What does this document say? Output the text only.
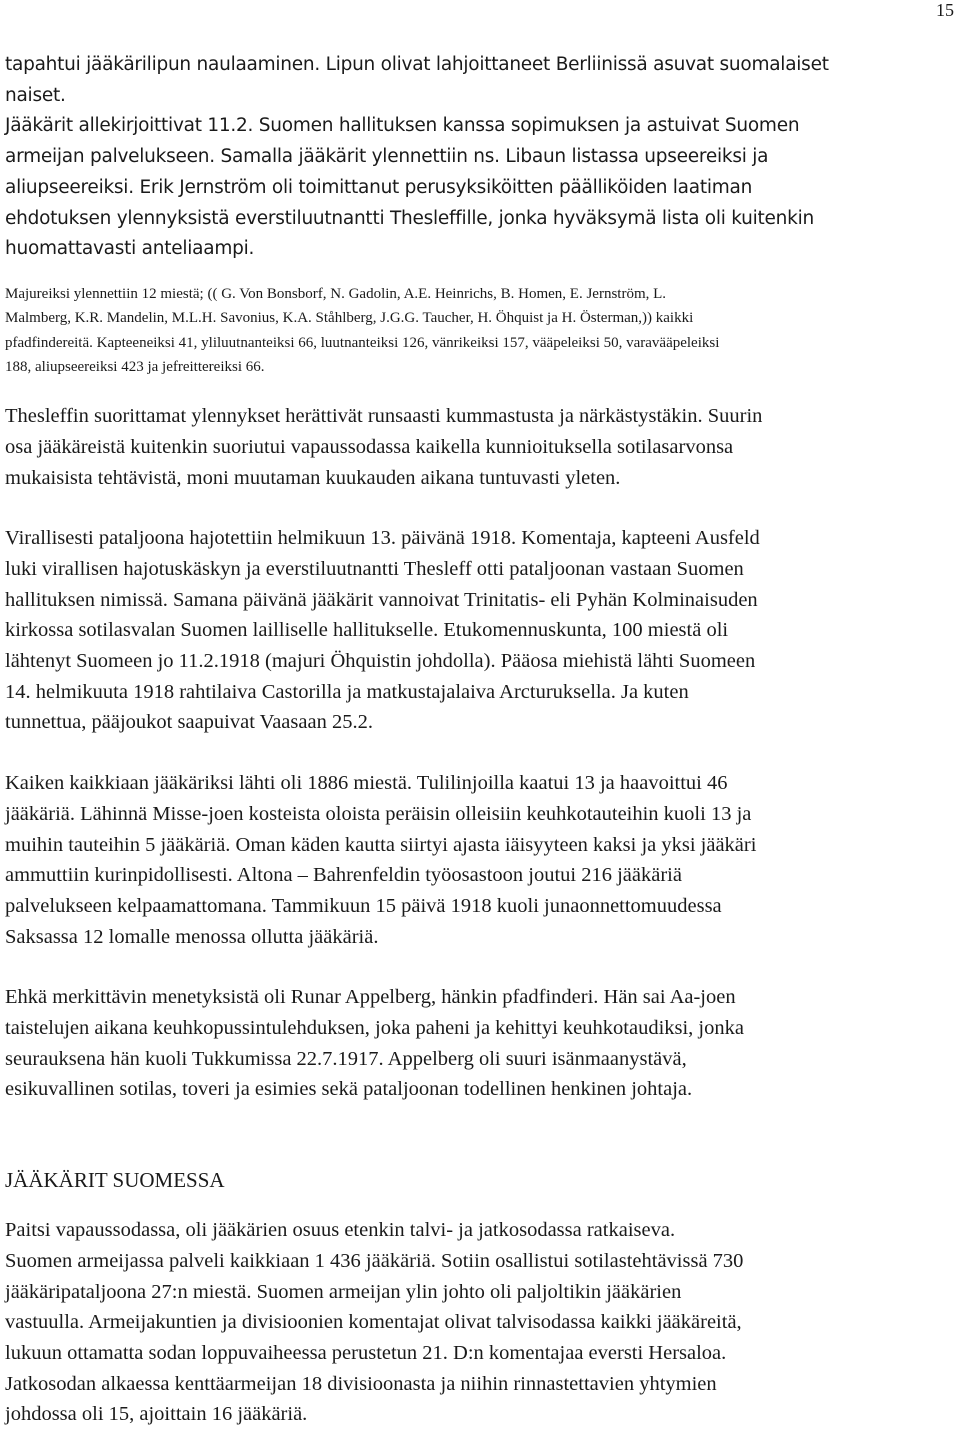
15
tapahtui jääkärilipun naulaaminen. Lipun olivat lahjoittaneet Berliinissä asuvat suomalaiset
naiset.
Jääkärit allekirjoittivat 11.2. Suomen hallituksen kanssa sopimuksen ja astuivat Suomen
armeijan palvelukseen. Samalla jääkärit ylennettiin ns. Libaun listassa upseereiksi ja
aliupseereiksi. Erik Jernström oli toimittanut perusyksiköitten päälliköiden laatiman
ehdotuksen ylennyksistä everstiluutnantti Thesleffille, jonka hyväksymä lista oli kuitenkin
huomattavasti anteliaampi.
Majureiksi ylennettiin 12 miestä; (( G. Von Bonsborf, N. Gadolin, A.E. Heinrichs, B. Homen, E. Jernström, L.
Malmberg, K.R. Mandelin, M.L.H. Savonius, K.A. Ståhlberg, J.G.G. Taucher, H. Öhquist ja H. Österman,)) kaikki
pfadfindereitä. Kapteeneiksi 41, yliluutnanteiksi 66, luutnanteiksi 126, vänrikeiksi 157, vääpeleiksi 50, varavääpeleiksi
188, aliupseereiksi 423 ja jefreittereiksi 66.

Thesleffin suorittamat ylennykset herättivät runsaasti kummastusta ja närkästystäkin. Suurin
osa jääkäreistä kuitenkin suoriutui vapaussodassa kaikella kunnioituksella sotilasarvonsa
mukaisista tehtävistä, moni muutaman kuukauden aikana tuntuvasti yleten.

Virallisesti pataljoona hajotettiin helmikuun 13. päivänä 1918. Komentaja, kapteeni Ausfeld
luki virallisen hajotuskäskyn ja everstiluutnantti Thesleff otti pataljoonan vastaan Suomen
hallituksen nimissä. Samana päivänä jääkärit vannoivat Trinitatis- eli Pyhän Kolminaisuden
kirkossa sotilasvalan Suomen lailliselle hallitukselle. Etukomennuskunta, 100 miestä oli
lähtenyt Suomeen jo 11.2.1918 (majuri Öhquistin johdolla). Pääosa miehistä lähti Suomeen
14. helmikuuta 1918 rahtilaiva Castorilla ja matkustajalaiva Arcturuksella. Ja kuten
tunnettua, pääjoukot saapuivat Vaasaan 25.2.

Kaiken kaikkiaan jääkäriksi lähti oli 1886 miestä. Tulilinjoilla kaatui 13 ja haavoittui 46
jääkäriä. Lähinnä Misse-joen kosteista oloista peräisin olleisiin keuhkotauteihin kuoli 13 ja
muihin tauteihin 5 jääkäriä. Oman käden kautta siirtyi ajasta iäisyyteen kaksi ja yksi jääkäri
ammuttiin kurinpidollisesti. Altona – Bahrenfeldin työosastoon joutui 216 jääkäriä
palvelukseen kelpaamattomana. Tammikuun 15 päivä 1918 kuoli junaonnettomuudessa
Saksassa 12 lomalle menossa ollutta jääkäriä.

Ehkä merkittävin menetyksistä oli Runar Appelberg, hänkin pfadfinderi. Hän sai Aa-joen
taistelujen aikana keuhkopussintulehduksen, joka paheni ja kehittyi keuhkotaudiksi, jonka
seurauksena hän kuoli Tukkumissa 22.7.1917. Appelberg oli suuri isänmaanystävä,
esikuvallinen sotilas, toveri ja esimies sekä pataljoonan todellinen henkinen johtaja.

JÄÄKÄRIT SUOMESSA

Paitsi vapaussodassa, oli jääkärien osuus etenkin talvi- ja jatkosodassa ratkaiseva.
Suomen armeijassa palveli kaikkiaan 1 436 jääkäriä. Sotiin osallistui sotilastehtävissä 730
jääkäripataljoona 27:n miestä. Suomen armeijan ylin johto oli paljoltikin jääkärien
vastuulla. Armeijakuntien ja divisioonien komentajat olivat talvisodassa kaikki jääkäreitä,
lukuun ottamatta sodan loppuvaiheessa perustetun 21. D:n komentajaa eversti Hersaloa.
Jatkosodan alkaessa kenttäarmeijan 18 divisioonasta ja niihin rinnastettavien yhtymien
johdossa oli 15, ajoittain 16 jääkäriä.
